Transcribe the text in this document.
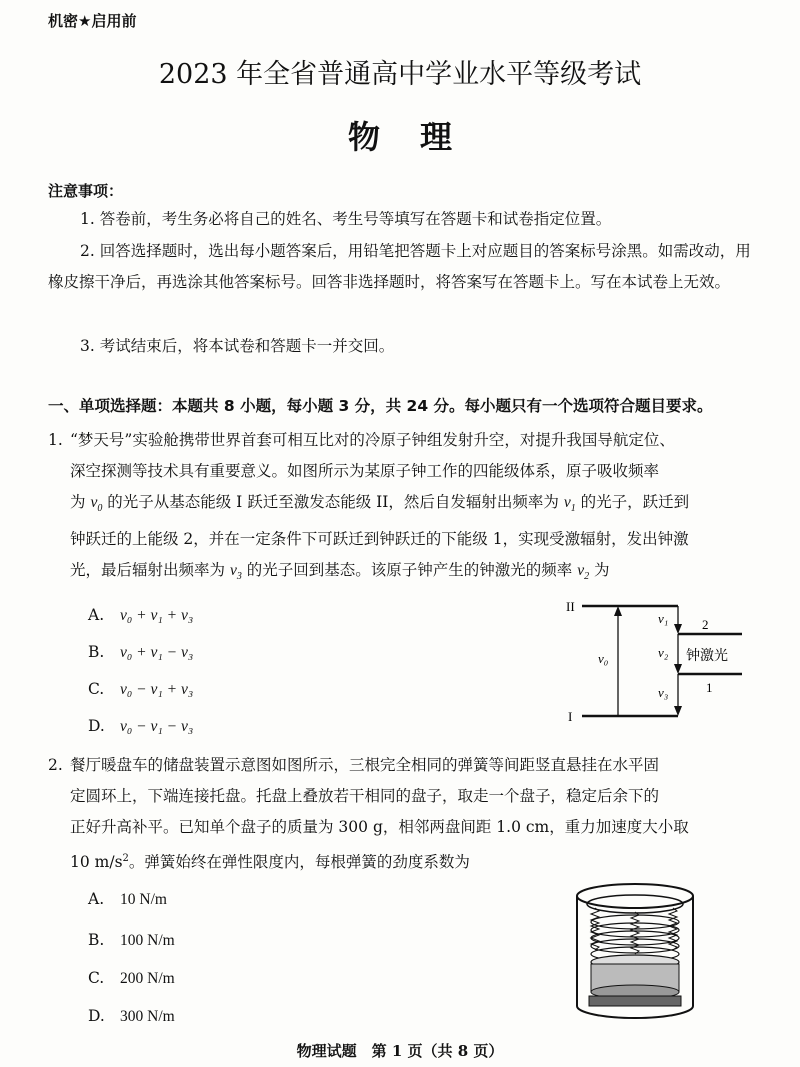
机密★启用前
2023 年全省普通高中学业水平等级考试
物理
注意事项：
1. 答卷前，考生务必将自己的姓名、考生号等填写在答题卡和试卷指定位置。
2. 回答选择题时，选出每小题答案后，用铅笔把答题卡上对应题目的答案标号涂黑。如需改动，用橡皮擦干净后，再选涂其他答案标号。回答非选择题时，将答案写在答题卡上。写在本试卷上无效。
3. 考试结束后，将本试卷和答题卡一并交回。
一、单项选择题：本题共 8 小题，每小题 3 分，共 24 分。每小题只有一个选项符合题目要求。
1. “梦天号”实验舱携带世界首套可相互比对的冷原子钟组发射升空，对提升我国导航定位、
深空探测等技术具有重要意义。如图所示为某原子钟工作的四能级体系，原子吸收频率
为 $\nu_0$ 的光子从基态能级 I 跃迁至激发态能级 II，然后自发辐射出频率为 $\nu_1$ 的光子，跃迁到
钟跃迁的上能级 2，并在一定条件下可跃迁到钟跃迁的下能级 1，实现受激辐射，发出钟激
光，最后辐射出频率为 $\nu_3$ 的光子回到基态。该原子钟产生的钟激光的频率 $\nu_2$ 为
A. ν₀ + ν₁ + ν₃
B. ν₀ + ν₁ − ν₃
C. ν₀ − ν₁ + ν₃
D. ν₀ − ν₁ − ν₃
II
I
2
1
ν₀
ν₁
ν₂
ν₃
钟激光
2. 餐厅暖盘车的储盘装置示意图如图所示，三根完全相同的弹簧等间距竖直悬挂在水平固
定圆环上，下端连接托盘。托盘上叠放若干相同的盘子，取走一个盘子，稳定后余下的
正好升高补平。已知单个盘子的质量为 300 g，相邻两盘间距 1.0 cm，重力加速度大小取
10 $m/s^2$。弹簧始终在弹性限度内，每根弹簧的劲度系数为
A. 10 N/m
B. 100 N/m
C. 200 N/m
D. 300 N/m
物理试题　第 1 页（共 8 页）
